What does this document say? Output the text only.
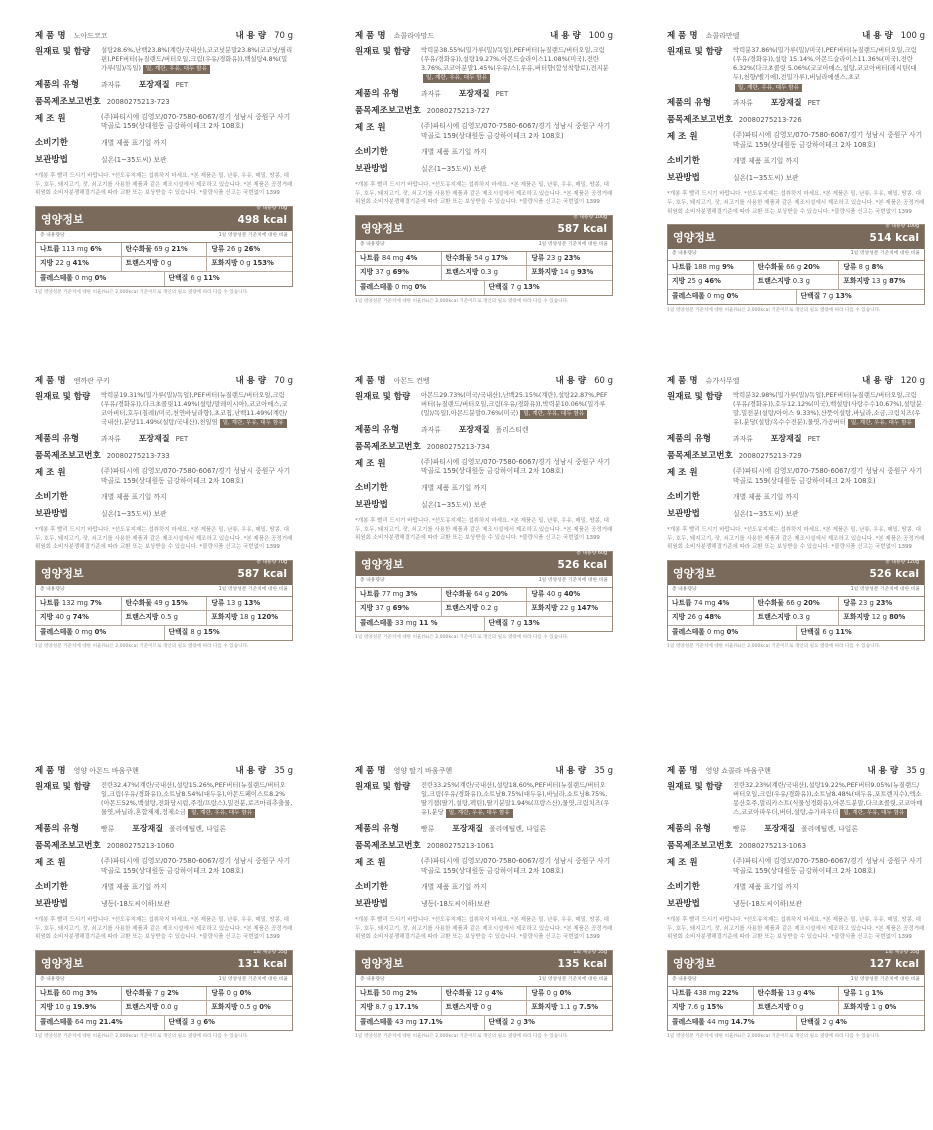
제 품 명 노아드코코	내 용 량 70 g
원재료 및 함량	설탕28.6%,난백23.8%(계란/국내산),코코넛분말23.8%(코코넛/필리핀),PEF버터(뉴질랜드/버터오일,크림(우유/경화유)),백설탕4.8%(밀가루(밀)/독일) 밀, 계란, 우유, 대두 함유
제품의 유형	과자류 포장재질 PET
품목제조보고번호 20080275213-723
제 조 원	(주)파티시에 김영모/070-7580-6067/경기 성남시 중원구 사기막골로 159(상대원동 금강하이테크 2차 108호)
소비기한	개별 제품 표기일 까지
보관방법	실온(1~35도씨) 보관
*개봉 후 빨리 드시기 바랍니다. *선도유지제는 섭취하지 마세요. *본 제품은 밀, 난류, 우유, 메밀, 땅콩, 대두, 호두, 돼지고기, 잣, 쇠고기를 사용한 제품과 같은 제조시설에서 제조하고 있습니다. *본 제품은 공정거래위원회 소비자분쟁해결기준에 따라 교환 또는 보상받을 수 있습니다. *불량식품 신고는 국번없이 1399
영양정보
총 내용량 70g
498 kcal
총 내용량당	1일 영양성분 기준치에 대한 비율
나트륨 113 mg 6%	탄수화물 69 g 21%	당류 26 g 26%
지방 22 g 41%	트랜스지방 0 g	포화지방 0 g 153%
콜레스테롤 0 mg 0%	단백질 6 g 11%
1일 영양성분 기준치에 대한 비율(%)은 2,000kcal 기준이므로 개인의 필요 열량에 따라 다를 수 있습니다.
제 품 명 쇼콜라아망드	내 용 량 100 g
원재료 및 함량	박력분38.55%(밀가루(밀)/독일),PEF버터(뉴질랜드/버터오일,크림(우유/경화유)),설탕19.27%,아몬드슬라이스11.08%(미국),전란3.76%,코코아분말1.45%(우유/스),우유,버터향(합성착향료),전지분밀, 계란, 우유, 대두 함유
제품의 유형	과자류 포장재질 PET
품목제조보고번호 20080275213-727
제 조 원	(주)파티시에 김영모/070-7580-6067/경기 성남시 중원구 사기막골로 159(상대원동 금강하이테크 2차 108호)
소비기한	개별 제품 표기일 까지
보관방법	실온(1~35도씨) 보관
*개봉 후 빨리 드시기 바랍니다. *선도유지제는 섭취하지 마세요. *본 제품은 밀, 난류, 우유, 메밀, 땅콩, 대두, 호두, 돼지고기, 잣, 쇠고기를 사용한 제품과 같은 제조시설에서 제조하고 있습니다. *본 제품은 공정거래위원회 소비자분쟁해결기준에 따라 교환 또는 보상받을 수 있습니다. *불량식품 신고는 국번없이 1399
영양정보
총 내용량 100g
587 kcal
총 내용량당	1일 영양성분 기준치에 대한 비율
나트륨 84 mg 4%	탄수화물 54 g 17%	당류 23 g 23%
지방 37 g 69%	트랜스지방 0.3 g	포화지방 14 g 93%
콜레스테롤 0 mg 0%	단백질 7 g 13%
1일 영양성분 기준치에 대한 비율(%)은 2,000kcal 기준이므로 개인의 필요 열량에 따라 다를 수 있습니다.
제 품 명 쇼콜라만델	내 용 량 100 g
원재료 및 함량	박력분37.86%(밀가루(밀)/미국),PEF버터(뉴질랜드/버터오일,크림(우유/경화유)),설탕 15.14%,아몬드슬라이스11.36%(미국),전란6.32%(다크초콜릿 5.06%(코코아매스,설탕,코코아버터(레시틴(대두),천향/벨기에),전밀가루),버닐라에센스,초코밀, 계란, 우유, 대두 함유
제품의 유형	과자류 포장재질 PET
품목제조보고번호 20080275213-726
제 조 원	(주)파티시에 김영모/070-7580-6067/경기 성남시 중원구 사기막골로 159(상대원동 금강하이테크 2차 108호)
소비기한	개별 제품 표기일 까지
보관방법	실온(1~35도씨) 보관
*개봉 후 빨리 드시기 바랍니다. *선도유지제는 섭취하지 마세요. *본 제품은 밀, 난류, 우유, 메밀, 땅콩, 대두, 호두, 돼지고기, 잣, 쇠고기를 사용한 제품과 같은 제조시설에서 제조하고 있습니다. *본 제품은 공정거래위원회 소비자분쟁해결기준에 따라 교환 또는 보상받을 수 있습니다. *불량식품 신고는 국번없이 1399
영양정보
총 내용량 100g
514 kcal
총 내용량당	1일 영양성분 기준치에 대한 비율
나트륨 188 mg 9%	탄수화물 66 g 20%	당류 8 g 8%
지방 25 g 46%	트랜스지방 0.3 g	포화지방 13 g 87%
콜레스테롤 0 mg 0%	단백질 7 g 13%
1일 영양성분 기준치에 대한 비율(%)은 2,000kcal 기준이므로 개인의 필요 열량에 따라 다를 수 있습니다.
제 품 명 엔까란 쿠키	내 용 량 70 g
원재료 및 함량	박력분19.31%(밀가루(밀)/독일),PEF버터(뉴질랜드/버터오일,크림(우유/경화유)),다크초콜릿11.49%(설탕/말레이시아),코코아매스,코코아버터,호두(칠레)/미국,천연바닐라향),초코칩,난백11.49%(계란/국내산),분당11.49%(설탕/국내산),천일염 밀, 계란, 우유, 대두 함유
제품의 유형	과자류 포장재질 PET
품목제조보고번호 20080275213-733
제 조 원	(주)파티시에 김영모/070-7580-6067/경기 성남시 중원구 사기막골로 159(상대원동 금강하이테크 2차 108호)
소비기한	개별 제품 표기일 까지
보관방법	실온(1~35도씨) 보관
*개봉 후 빨리 드시기 바랍니다. *선도유지제는 섭취하지 마세요. *본 제품은 밀, 난류, 우유, 메밀, 땅콩, 대두, 호두, 돼지고기, 잣, 쇠고기를 사용한 제품과 같은 제조시설에서 제조하고 있습니다. *본 제품은 공정거래위원회 소비자분쟁해결기준에 따라 교환 또는 보상받을 수 있습니다. *불량식품 신고는 국번없이 1399
영양정보
총 내용량 70g
587 kcal
총 내용량당	1일 영양성분 기준치에 대한 비율
나트륨 132 mg 7%	탄수화물 49 g 15%	당류 13 g 13%
지방 40 g 74%	트랜스지방 0.5 g	포화지방 18 g 120%
콜레스테롤 0 mg 0%	단백질 8 g 15%
1일 영양성분 기준치에 대한 비율(%)은 2,000kcal 기준이므로 개인의 필요 열량에 따라 다를 수 있습니다.
제 품 명 아몬드 컨벵	내 용 량 60 g
원재료 및 함량	아몬드29.73%(미국/국내산),난백25.15%(계란),설탕22.87%,PEF버터(뉴질랜드/버터오일,크림(우유/경화유)),박력분10.06%(밀가루(밀)/독일),아몬드분말0.76%(미국) 밀, 계란, 우유, 대두 함유
제품의 유형	과자류 포장재질 폴리스티렌
품목제조보고번호 20080275213-734
제 조 원	(주)파티시에 김영모/070-7580-6067/경기 성남시 중원구 사기막골로 159(상대원동 금강하이테크 2차 108호)
소비기한	개별 제품 표기일 까지
보관방법	실온(1~35도씨) 보관
*개봉 후 빨리 드시기 바랍니다. *선도유지제는 섭취하지 마세요. *본 제품은 밀, 난류, 우유, 메밀, 땅콩, 대두, 호두, 돼지고기, 잣, 쇠고기를 사용한 제품과 같은 제조시설에서 제조하고 있습니다. *본 제품은 공정거래위원회 소비자분쟁해결기준에 따라 교환 또는 보상받을 수 있습니다. *불량식품 신고는 국번없이 1399
영양정보
총 내용량 60g
526 kcal
총 내용량당	1일 영양성분 기준치에 대한 비율
나트륨 77 mg 3%	탄수화물 64 g 20%	당류 40 g 40%
지방 37 g 69%	트랜스지방 0.2 g	포화지방 22 g 147%
콜레스테롤 33 mg 11 %	단백질 7 g 13%
1일 영양성분 기준치에 대한 비율(%)은 2,000kcal 기준이므로 개인의 필요 열량에 따라 다를 수 있습니다.
제 품 명 슈가사무엘	내 용 량 120 g
원재료 및 함량	박력분32.98%(밀가루(밀)/독일),PEF버터(뉴질랜드/버터오일,크림(우유/경화유)),호두12.12%(미국),백설탕(사탕수수10.67%),설탕분말,밀전분(설탕/아이스 9.33%),산뜻이설탕,바닐라,소금,크림치즈(우유),분당(설탕/옥수수전분),물엿,가공버터 밀, 계란, 우유, 대두 함유
제품의 유형	과자류 포장재질 PET
품목제조보고번호 20080275213-729
제 조 원	(주)파티시에 김영모/070-7580-6067/경기 성남시 중원구 사기막골로 159(상대원동 금강하이테크 2차 108호)
소비기한	개별 제품 표기일 까지
보관방법	실온(1~35도씨) 보관
*개봉 후 빨리 드시기 바랍니다. *선도유지제는 섭취하지 마세요. *본 제품은 밀, 난류, 우유, 메밀, 땅콩, 대두, 호두, 돼지고기, 잣, 쇠고기를 사용한 제품과 같은 제조시설에서 제조하고 있습니다. *본 제품은 공정거래위원회 소비자분쟁해결기준에 따라 교환 또는 보상받을 수 있습니다. *불량식품 신고는 국번없이 1399
영양정보
총 내용량 120g
526 kcal
총 내용량당	1일 영양성분 기준치에 대한 비율
나트륨 74 mg 4%	탄수화물 66 g 20%	당류 23 g 23%
지방 26 g 48%	트랜스지방 0.3 g	포화지방 12 g 80%
콜레스테롤 0 mg 0%	단백질 6 g 11%
1일 영양성분 기준치에 대한 비율(%)은 2,000kcal 기준이므로 개인의 필요 열량에 따라 다를 수 있습니다.
제 품 명 영양 아몬드 바움쿠헨	내 용 량 35 g
원재료 및 함량	전란32.47%(계란/국내산),설탕15.26%,PEF버터(뉴질랜드/버터오일,크림(우유/경화유)),소트날8.54%(대두유),아몬드페이스트8.2%(아몬드52%,백설탕,전화당시럽,주정/프랑스),밀전분,로즈마리추출물,물엿,바닐라,혼합제제,정제소금 밀, 계란, 우유, 대두 함유
제품의 유형	빵류 포장재질 폴리에틸렌, 나일론
품목제조보고번호 20080275213-1060
제 조 원	(주)파티시에 김영모/070-7580-6067/경기 성남시 중원구 사기막골로 159(상대원동 금강하이테크 2차 108호)
소비기한	개별 제품 표기일 까지
보관방법	냉동(-18도씨이하)보관
*개봉 후 빨리 드시기 바랍니다. *선도유지제는 섭취하지 마세요. *본 제품은 밀, 난류, 우유, 메밀, 땅콩, 대두, 호두, 돼지고기, 잣, 쇠고기를 사용한 제품과 같은 제조시설에서 제조하고 있습니다. *본 제품은 공정거래위원회 소비자분쟁해결기준에 따라 교환 또는 보상받을 수 있습니다. *불량식품 신고는 국번없이 1399
영양정보
1회 제공량 35g
131 kcal
총 내용량당	1일 영양성분 기준치에 대한 비율
나트륨 60 mg 3%	탄수화물 7 g 2%	당류 0 g 0%
지방 10 g 19.9%	트랜스지방 0.0 g	포화지방 0.5 g 0%
콜레스테롤 64 mg 21.4%	단백질 3 g 6%
1일 영양성분 기준치에 대한 비율(%)은 2,000kcal 기준이므로 개인의 필요 열량에 따라 다를 수 있습니다.
제 품 명 영양 딸기 바움쿠헨	내 용 량 35 g
원재료 및 함량	전란33.25%(계란/국내산),설탕18.60%,PEF버터(뉴질랜드/버터오일,크림(우유/경화유)),소트날8.75%(대두유),바닐라,쇼트닝8.75%,딸기잼(딸기,설탕,펙틴),딸기분말1.94%(프랑스산),물엿,크림치즈(우유),분당 밀, 계란, 우유, 대두 함유
제품의 유형	빵류 포장재질 폴리에틸렌, 나일론
품목제조보고번호 20080275213-1061
제 조 원	(주)파티시에 김영모/070-7580-6067/경기 성남시 중원구 사기막골로 159(상대원동 금강하이테크 2차 108호)
소비기한	개별 제품 표기일 까지
보관방법	냉동(-18도씨이하)보관
*개봉 후 빨리 드시기 바랍니다. *선도유지제는 섭취하지 마세요. *본 제품은 밀, 난류, 우유, 메밀, 땅콩, 대두, 호두, 돼지고기, 잣, 쇠고기를 사용한 제품과 같은 제조시설에서 제조하고 있습니다. *본 제품은 공정거래위원회 소비자분쟁해결기준에 따라 교환 또는 보상받을 수 있습니다. *불량식품 신고는 국번없이 1399
영양정보
1회 제공량 35g
135 kcal
총 내용량당	1일 영양성분 기준치에 대한 비율
나트륨 50 mg 2%	탄수화물 12 g 4%	당류 0 g 0%
지방 8.7 g 17.1%	트랜스지방 0 g	포화지방 1.1 g 7.5%
콜레스테롤 43 mg 17.1%	단백질 2 g 3%
1일 영양성분 기준치에 대한 비율(%)은 2,000kcal 기준이므로 개인의 필요 열량에 따라 다를 수 있습니다.
제 품 명 영양 쇼콜라 바움쿠헨	내 용 량 35 g
원재료 및 함량	전란32.23%(계란/국내산),설탕19.22%,PEF버터9.05%(뉴질랜드/버터오일,크림(우유/경화유)),소트날8.48%(대두유,포트렌지수),엑소몽산호주,말리카스트(식물성경화유),아몬드분말,다크초콜릿,코코아매스,코코아파우더,버터,설탕,슈가파우더 밀, 계란, 우유, 대두 함유
제품의 유형	빵류 포장재질 폴리에틸렌, 나일론
품목제조보고번호 20080275213-1063
제 조 원	(주)파티시에 김영모/070-7580-6067/경기 성남시 중원구 사기막골로 159(상대원동 금강하이테크 2차 108호)
소비기한	개별 제품 표기일 까지
보관방법	냉동(-18도씨이하)보관
*개봉 후 빨리 드시기 바랍니다. *선도유지제는 섭취하지 마세요. *본 제품은 밀, 난류, 우유, 메밀, 땅콩, 대두, 호두, 돼지고기, 잣, 쇠고기를 사용한 제품과 같은 제조시설에서 제조하고 있습니다. *본 제품은 공정거래위원회 소비자분쟁해결기준에 따라 교환 또는 보상받을 수 있습니다. *불량식품 신고는 국번없이 1399
영양정보
1회 제공량 35g
127 kcal
총 내용량당	1일 영양성분 기준치에 대한 비율
나트륨 438 mg 22%	탄수화물 13 g 4%	당류 1 g 1%
지방 7.6 g 15%	트랜스지방 0 g	포화지방 1 g 0%
콜레스테롤 44 mg 14.7%	단백질 2 g 4%
1일 영양성분 기준치에 대한 비율(%)은 2,000kcal 기준이므로 개인의 필요 열량에 따라 다를 수 있습니다.
